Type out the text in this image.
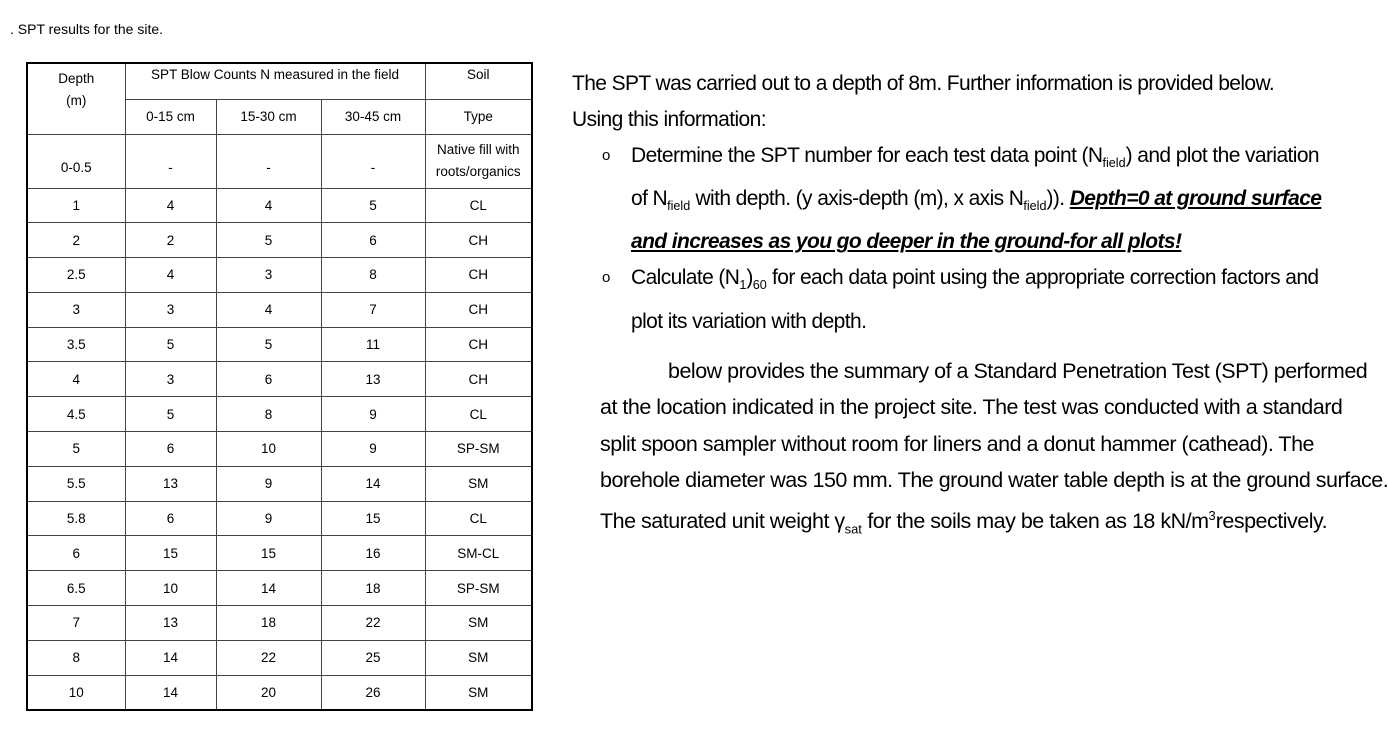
. SPT results for the site.
Depth
(m)	SPT Blow Counts N measured in the field			Soil
	0-15 cm	15-30 cm	30-45 cm	Type
0-0.5	-	-	-	Native fill with
roots/organics
1	4	4	5	CL
2	2	5	6	CH
2.5	4	3	8	CH
3	3	4	7	CH
3.5	5	5	11	CH
4	3	6	13	CH
4.5	5	8	9	CL
5	6	10	9	SP-SM
5.5	13	9	14	SM
5.8	6	9	15	CL
6	15	15	16	SM-CL
6.5	10	14	18	SP-SM
7	13	18	22	SM
8	14	22	25	SM
10	14	20	26	SM
The SPT was carried out to a depth of 8m. Further information is provided below.
Using this information:
o Determine the SPT number for each test data point $(N_{field})$ and plot the variation
of $N_{field}$ with depth. (y axis-depth (m), x axis $N_{field}$)). Depth=0 at ground surface
and increases as you go deeper in the ground-for all plots!
o Calculate $(N_1)_{60}$ for each data point using the appropriate correction factors and
plot its variation with depth.
below provides the summary of a Standard Penetration Test (SPT) performed
at the location indicated in the project site. The test was conducted with a standard
split spoon sampler without room for liners and a donut hammer (cathead). The
borehole diameter was 150 mm. The ground water table depth is at the ground surface.
The saturated unit weight $\gamma_{sat}$ for the soils may be taken as 18 $kN/m^3respectively$.
